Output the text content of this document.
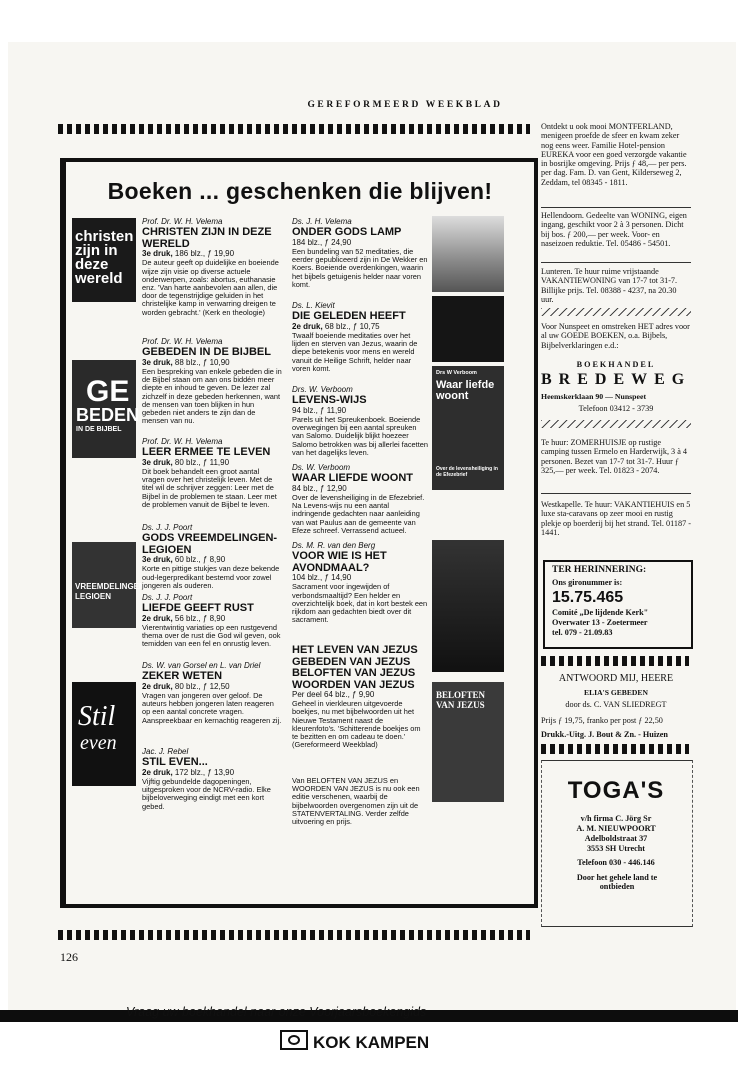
GEREFORMEERD WEEKBLAD
Boeken ... geschenken die blijven!
christen zijn in deze wereld
GE
BEDEN
IN DE BIJBEL
VREEMDELINGEN LEGIOEN
Stil
even
Drs W Verboom
Waar liefde woont
Over de levensheiliging in de Efezebrief
BELOFTEN
VAN JEZUS
Prof. Dr. W. H. Velema
CHRISTEN ZIJN IN DEZE WERELD
3e druk, 186 blz., ƒ 19,90
De auteur geeft op duidelijke en boeiende wijze zijn visie op diverse actuele onderwerpen, zoals: abortus, euthanasie enz. 'Van harte aanbevolen aan allen, die door de tegenstrijdige geluiden in het christelijke kamp in verwarring dreigen te worden gebracht.' (Kerk en theologie)
Prof. Dr. W. H. Velema
GEBEDEN IN DE BIJBEL
3e druk, 88 blz., ƒ 10,90
Een bespreking van enkele gebeden die in de Bijbel staan om aan ons biddén meer diepte en inhoud te geven. De lezer zal zichzelf in deze gebeden herkennen, want de mensen van toen blijken in hun gebeden niet anders te zijn dan de mensen van nu.
Prof. Dr. W. H. Velema
LEER ERMEE TE LEVEN
3e druk, 80 blz., ƒ 11,90
Dit boek behandelt een groot aantal vragen over het christelijk leven. Met de titel wil de schrijver zeggen: Leer met de Bijbel in de problemen te staan. Leer met de problemen vanuit de Bijbel te leven.
Ds. J. J. Poort
GODS VREEMDELINGEN-LEGIOEN
3e druk, 60 blz., ƒ 8,90
Korte en pittige stukjes van deze bekende oud-legerpredikant bestemd voor zowel jongeren als ouderen.
Ds. J. J. Poort
LIEFDE GEEFT RUST
2e druk, 56 blz., ƒ 8,90
Vierentwintig variaties op een rustgevend thema over de rust die God wil geven, ook temidden van een fel en onrustig leven.
Ds. W. van Gorsel en L. van Driel
ZEKER WETEN
2e druk, 80 blz., ƒ 12,50
Vragen van jongeren over geloof. De auteurs hebben jongeren laten reageren op een aantal concrete vragen. Aanspreekbaar en kernachtig reageren zij.
Jac. J. Rebel
STIL EVEN...
2e druk, 172 blz., ƒ 13,90
Vijftig gebundelde dagopeningen, uitgesproken voor de NCRV-radio. Elke bijbeloverweging eindigt met een kort gebed.
Ds. J. H. Velema
ONDER GODS LAMP
184 blz., ƒ 24,90
Een bundeling van 52 meditaties, die eerder gepubliceerd zijn in De Wekker en Koers. Boeiende overdenkingen, waarin het bijbels getuigenis helder naar voren komt.
Ds. L. Kievit
DIE GELEDEN HEEFT
2e druk, 68 blz., ƒ 10,75
Twaalf boeiende meditaties over het lijden en sterven van Jezus, waarin de diepe betekenis voor mens en wereld vanuit de Heilige Schrift, helder naar voren komt.
Drs. W. Verboom
LEVENS-WIJS
94 blz., ƒ 11,90
Parels uit het Spreukenboek. Boeiende overwegingen bij een aantal spreuken van Salomo. Duidelijk blijkt hoezeer Salomo betrokken was bij allerlei facetten van het dagelijks leven.
Ds. W. Verboom
WAAR LIEFDE WOONT
84 blz., ƒ 12,90
Over de levensheiliging in de Efezebrief. Na Levens-wijs nu een aantal indringende gedachten naar aanleiding van wat Paulus aan de gemeente van Efeze schreef. Verrassend actueel.
Ds. M. R. van den Berg
VOOR WIE IS HET AVONDMAAL?
104 blz., ƒ 14,90
Sacrament voor ingewijden of verbondsmaaltijd? Een helder en overzichtelijk boek, dat in kort bestek een rijkdom aan gedachten biedt over dit sacrament.
HET LEVEN VAN JEZUS GEBEDEN VAN JEZUS BELOFTEN VAN JEZUS WOORDEN VAN JEZUS
Per deel 64 blz., ƒ 9,90
Geheel in vierkleuren uitgevoerde boekjes, nu met bijbelwoorden uit het Nieuwe Testament naast de kleurenfoto's. 'Schitterende boekjes om te bezitten en om cadeau te doen.' (Gereformeerd Weekblad)
Van BELOFTEN VAN JEZUS en WOORDEN VAN JEZUS is nu ook een editie verschenen, waarbij de bijbelwoorden overgenomen zijn uit de STATENVERTALING. Verder zelfde uitvoering en prijs.
Vraag uw boekhandel naar onze Voorjaarsboekengids
KOK KAMPEN
126
Ontdekt u ook mooi MONTFERLAND, menigeen proefde de sfeer en kwam zeker nog eens weer. Familie Hotel-pension EUREKA voor een goed verzorgde vakantie in bosrijke omgeving. Prijs ƒ 48,— per pers. per dag. Fam. D. van Gent, Kilderseweg 2, Zeddam, tel 08345 - 1811.
Hellendoorn. Gedeelte van WONING, eigen ingang, geschikt voor 2 à 3 personen. Dicht bij bos. ƒ 200,— per week. Voor- en naseizoen reduktie. Tel. 05486 - 54501.
Lunteren. Te huur ruime vrijstaande VAKANTIEWONING van 17-7 tot 31-7. Billijke prijs. Tel. 08388 - 4237, na 20.30 uur.
Voor Nunspeet en omstreken HET adres voor al uw GOEDE BOEKEN, o.a. Bijbels, Bijbelverklaringen e.d.:
BOEKHANDEL
BREDEWEG
Heemskerklaan 90 — Nunspeet
Telefoon 03412 - 3739
Te huur: ZOMERHUISJE op rustige camping tussen Ermelo en Harderwijk, 3 à 4 personen. Bezet van 17-7 tot 31-7. Huur ƒ 325,— per week. Tel. 01823 - 2074.
Westkapelle. Te huur: VAKANTIEHUIS en 5 luxe sta-caravans op zeer mooi en rustig plekje op boerderij bij het strand. Tel. 01187 - 1441.
TER HERINNERING:
Ons gironummer is:
15.75.465
Comité „De lijdende Kerk"
Overwater 13 - Zoetermeer
tel. 079 - 21.09.83
ANTWOORD MIJ, HEERE
ELIA'S GEBEDEN
door ds. C. VAN SLIEDREGT
Prijs ƒ 19,75, franko per post ƒ 22,50
Drukk.-Uitg. J. Bout & Zn. - Huizen
TOGA'S
v/h firma C. Jörg Sr
A. M. NIEUWPOORT
Adelboldstraat 37
3553 SH Utrecht
Telefoon 030 - 446.146
Door het gehele land te ontbieden
